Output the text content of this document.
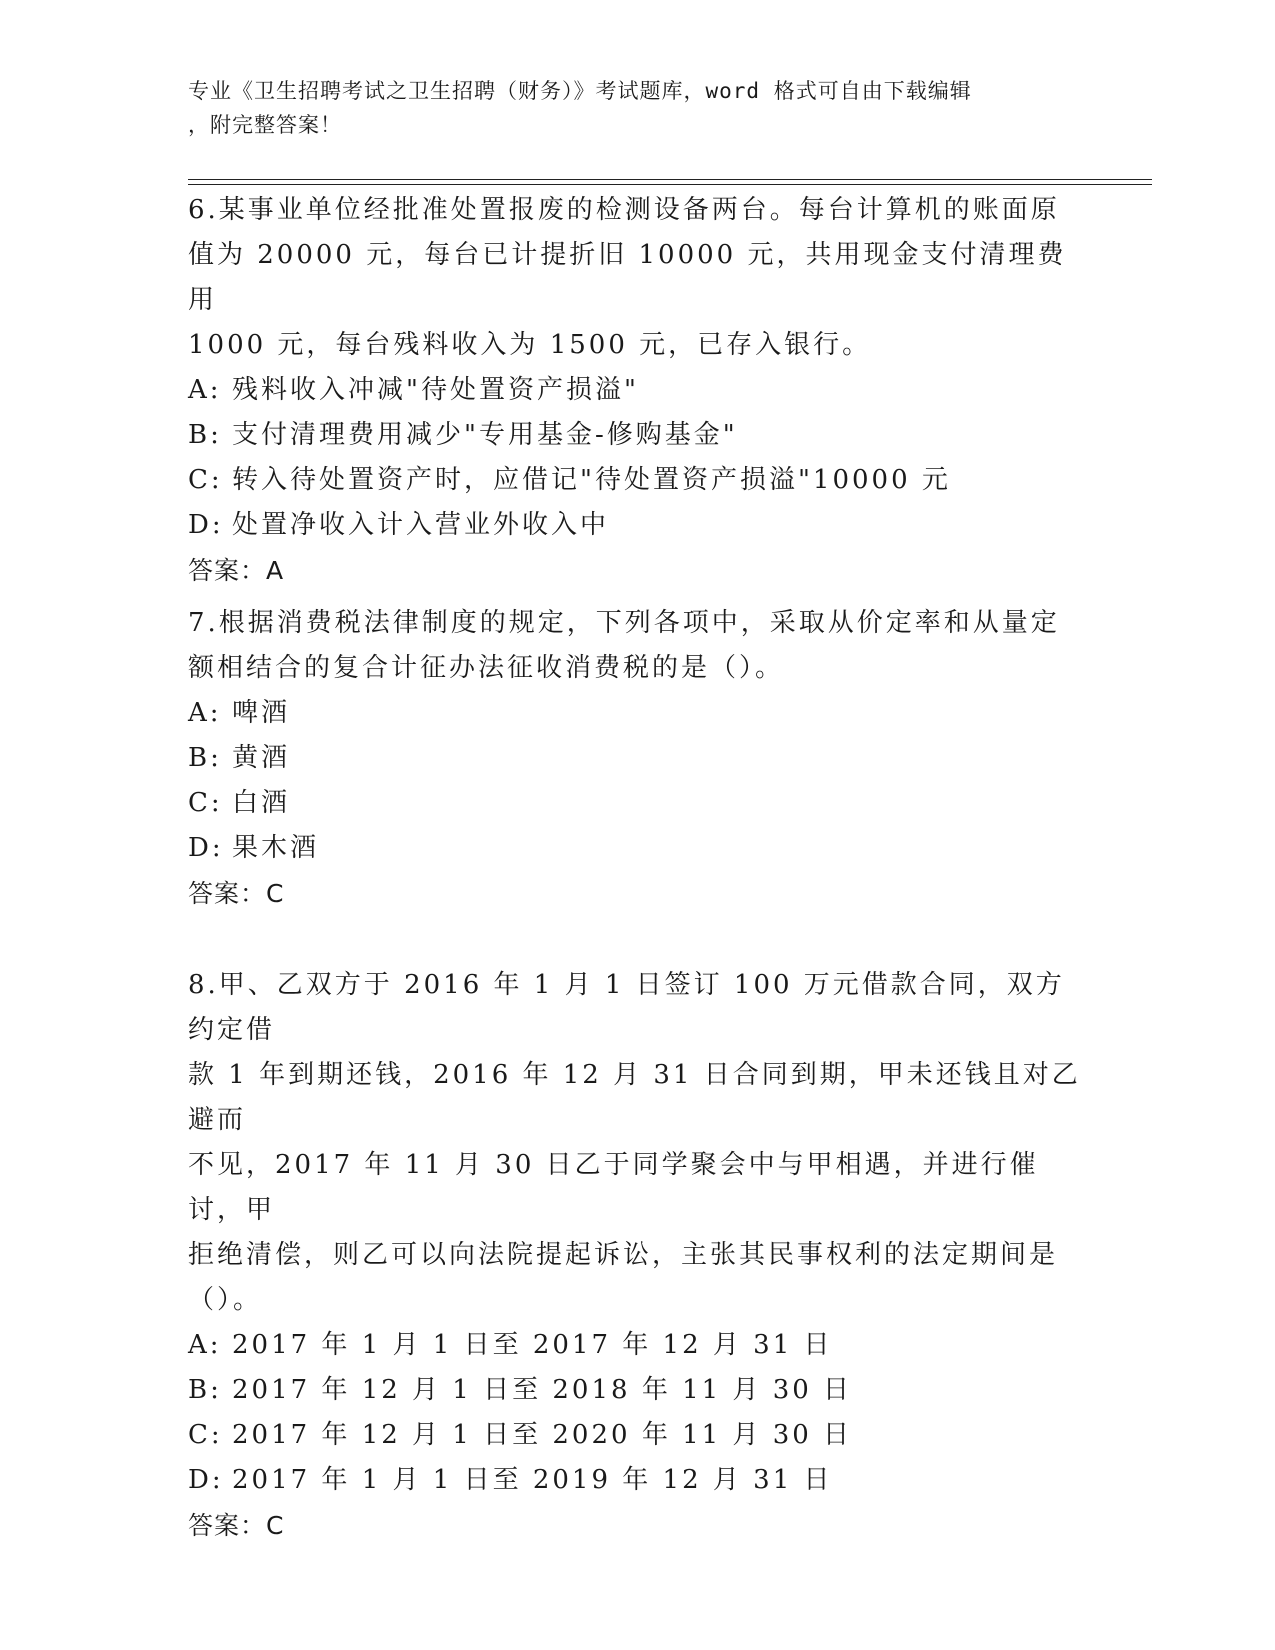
专业《卫生招聘考试之卫生招聘（财务）》考试题库，word 格式可自由下载编辑
，附完整答案！

6.某事业单位经批准处置报废的检测设备两台。每台计算机的账面原

值为 20000 元，每台已计提折旧 10000 元，共用现金支付清理费用

1000 元，每台残料收入为 1500 元，已存入银行。

A: 残料收入冲减"待处置资产损溢"

B: 支付清理费用减少"专用基金-修购基金"

C: 转入待处置资产时，应借记"待处置资产损溢"10000 元

D: 处置净收入计入营业外收入中

答案：A

7.根据消费税法律制度的规定，下列各项中，采取从价定率和从量定

额相结合的复合计征办法征收消费税的是（）。

A: 啤酒

B: 黄酒

C: 白酒

D: 果木酒

答案：C

8.甲、乙双方于 2016 年 1 月 1 日签订 100 万元借款合同，双方约定借

款 1 年到期还钱，2016 年 12 月 31 日合同到期，甲未还钱且对乙避而

不见，2017 年 11 月 30 日乙于同学聚会中与甲相遇，并进行催讨，甲

拒绝清偿，则乙可以向法院提起诉讼，主张其民事权利的法定期间是

（）。

A: 2017 年 1 月 1 日至 2017 年 12 月 31 日

B: 2017 年 12 月 1 日至 2018 年 11 月 30 日

C: 2017 年 12 月 1 日至 2020 年 11 月 30 日

D: 2017 年 1 月 1 日至 2019 年 12 月 31 日

答案：C
